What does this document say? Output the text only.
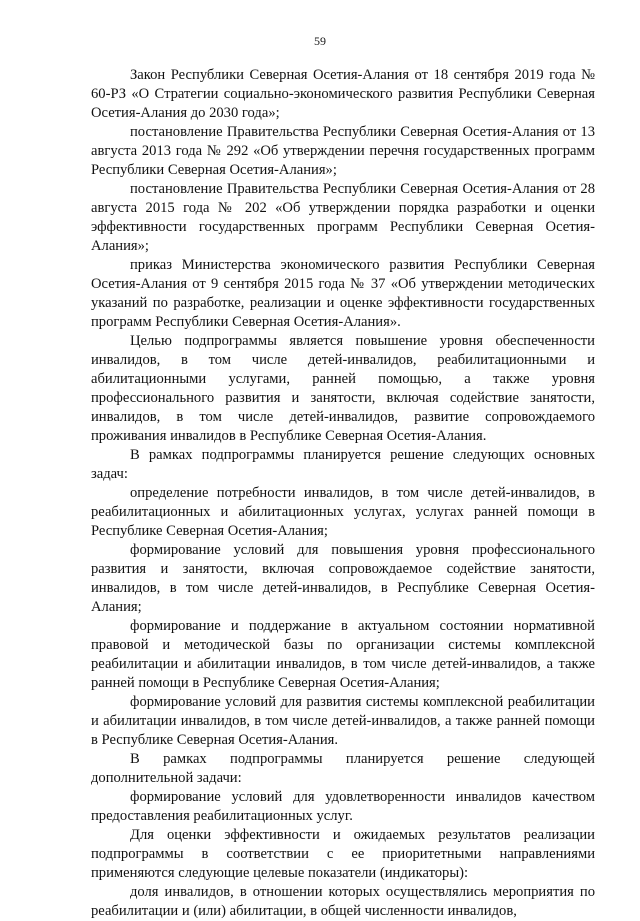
59

Закон Республики Северная Осетия-Алания от 18 сентября 2019 года № 60-РЗ «О Стратегии социально-экономического развития Республики Северная Осетия-Алания до 2030 года»;

постановление Правительства Республики Северная Осетия-Алания от 13 августа 2013 года № 292 «Об утверждении перечня государственных программ Республики Северная Осетия-Алания»;

постановление Правительства Республики Северная Осетия-Алания от 28 августа 2015 года № 202 «Об утверждении порядка разработки и оценки эффективности государственных программ Республики Северная Осетия-Алания»;

приказ Министерства экономического развития Республики Северная Осетия-Алания от 9 сентября 2015 года № 37 «Об утверждении методических указаний по разработке, реализации и оценке эффективности государственных программ Республики Северная Осетия-Алания».

Целью подпрограммы является повышение уровня обеспеченности инвалидов, в том числе детей-инвалидов, реабилитационными и абилитационными услугами, ранней помощью, а также уровня профессионального развития и занятости, включая содействие занятости, инвалидов, в том числе детей-инвалидов, развитие сопровождаемого проживания инвалидов в Республике Северная Осетия-Алания.

В рамках подпрограммы планируется решение следующих основных задач:

определение потребности инвалидов, в том числе детей-инвалидов, в реабилитационных и абилитационных услугах, услугах ранней помощи в Республике Северная Осетия-Алания;

формирование условий для повышения уровня профессионального развития и занятости, включая сопровождаемое содействие занятости, инвалидов, в том числе детей-инвалидов, в Республике Северная Осетия-Алания;

формирование и поддержание в актуальном состоянии нормативной правовой и методической базы по организации системы комплексной реабилитации и абилитации инвалидов, в том числе детей-инвалидов, а также ранней помощи в Республике Северная Осетия-Алания;

формирование условий для развития системы комплексной реабилитации и абилитации инвалидов, в том числе детей-инвалидов, а также ранней помощи в Республике Северная Осетия-Алания.

В рамках подпрограммы планируется решение следующей дополнительной задачи:

формирование условий для удовлетворенности инвалидов качеством предоставления реабилитационных услуг.

Для оценки эффективности и ожидаемых результатов реализации подпрограммы в соответствии с ее приоритетными направлениями применяются следующие целевые показатели (индикаторы):

доля инвалидов, в отношении которых осуществлялись мероприятия по реабилитации и (или) абилитации, в общей численности инвалидов,
